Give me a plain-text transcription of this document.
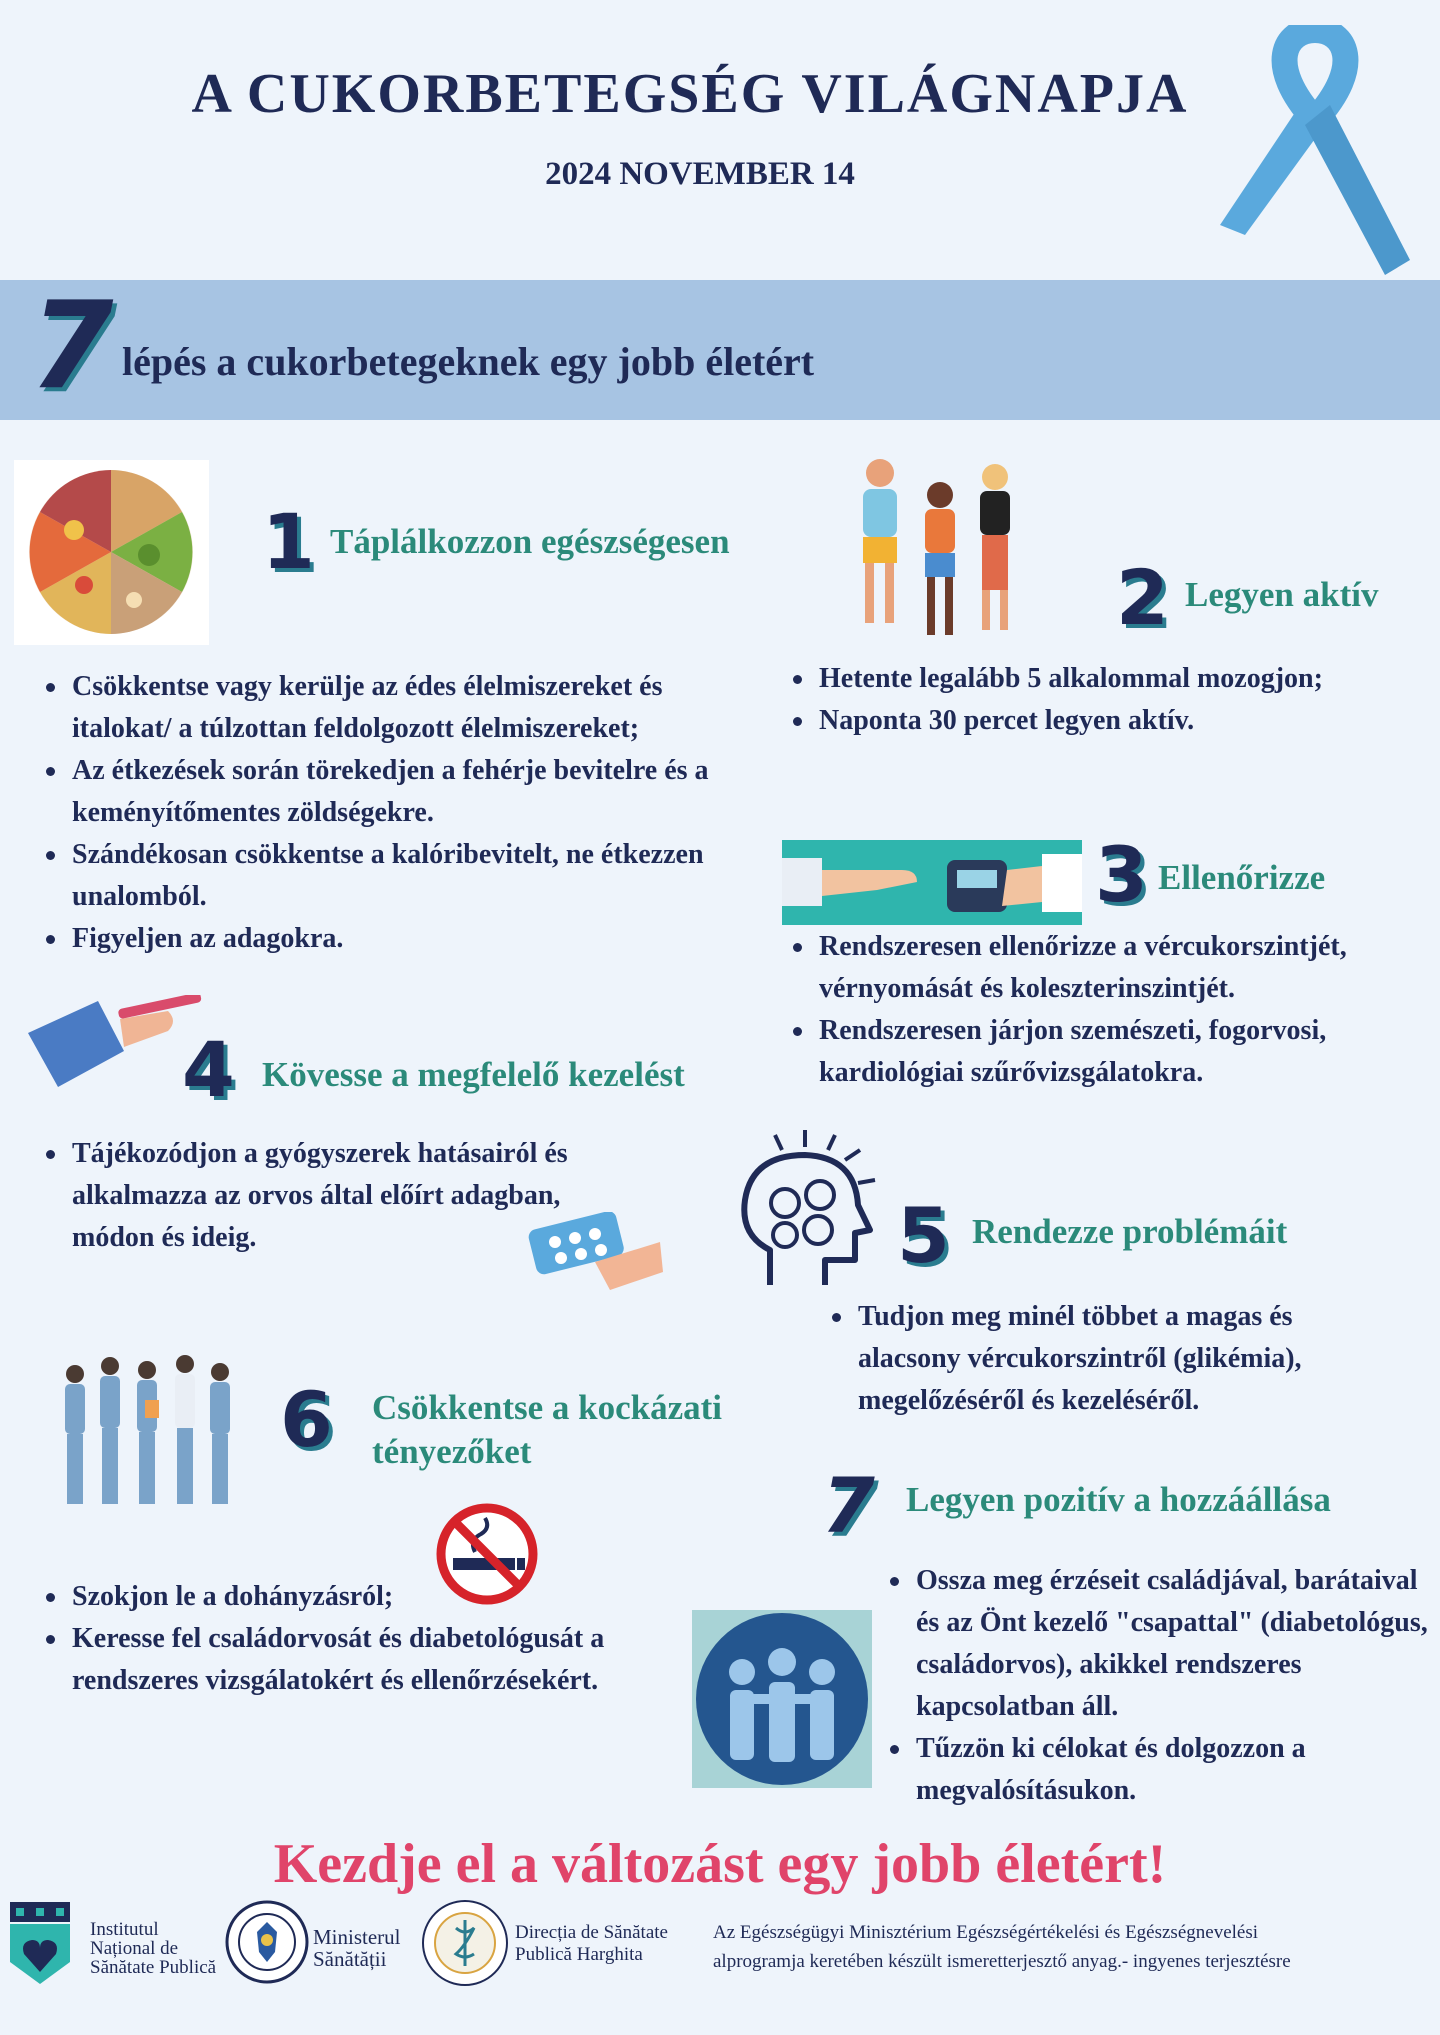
A CUKORBETEGSÉG VILÁGNAPJA
2024 NOVEMBER 14
7 lépés a cukorbetegeknek egy jobb életért
1 Táplálkozzon egészségesen
Csökkentse vagy kerülje az édes élelmiszereket és italokat/ a túlzottan feldolgozott élelmiszereket;
Az étkezések során törekedjen a fehérje bevitelre és a keményítőmentes zöldségekre.
Szándékosan csökkentse a kalóribevitelt, ne étkezzen unalomból.
Figyeljen az adagokra.
2 Legyen aktív
Hetente legalább 5 alkalommal mozogjon;
Naponta 30 percet legyen aktív.
3 Ellenőrizze
Rendszeresen ellenőrizze a vércukorszintjét, vérnyomását és koleszterinszintjét.
Rendszeresen járjon szemészeti, fogorvosi, kardiológiai szűrővizsgálatokra.
4 Kövesse a megfelelő kezelést
Tájékozódjon a gyógyszerek hatásairól és alkalmazza az orvos által előírt adagban, módon és ideig.	5 Rendezze problémáit
Tudjon meg minél többet a magas és alacsony vércukorszintről (glikémia), megelőzéséről és kezeléséről.
6 Csökkentse a kockázati
tényezőket
Szokjon le a dohányzásról;
Keresse fel családorvosát és diabetológusát a rendszeres vizsgálatokért és ellenőrzésekért.
7 Legyen pozitív a hozzáállása
Ossza meg érzéseit családjával, barátaival és az Önt kezelő "csapattal" (diabetológus, családorvos), akikkel rendszeres kapcsolatban áll.
Tűzzön ki célokat és dolgozzon a megvalósításukon.
Kezdje el a változást egy jobb életért!
Institutul
Național de
Sănătate Publică
Ministerul
Sănătății
Direcția de Sănătate
Publică Harghita
Az Egészségügyi Minisztérium Egészségértékelési és Egészségnevelési
alprogramja keretében készült ismeretterjesztő anyag.- ingyenes terjesztésre
